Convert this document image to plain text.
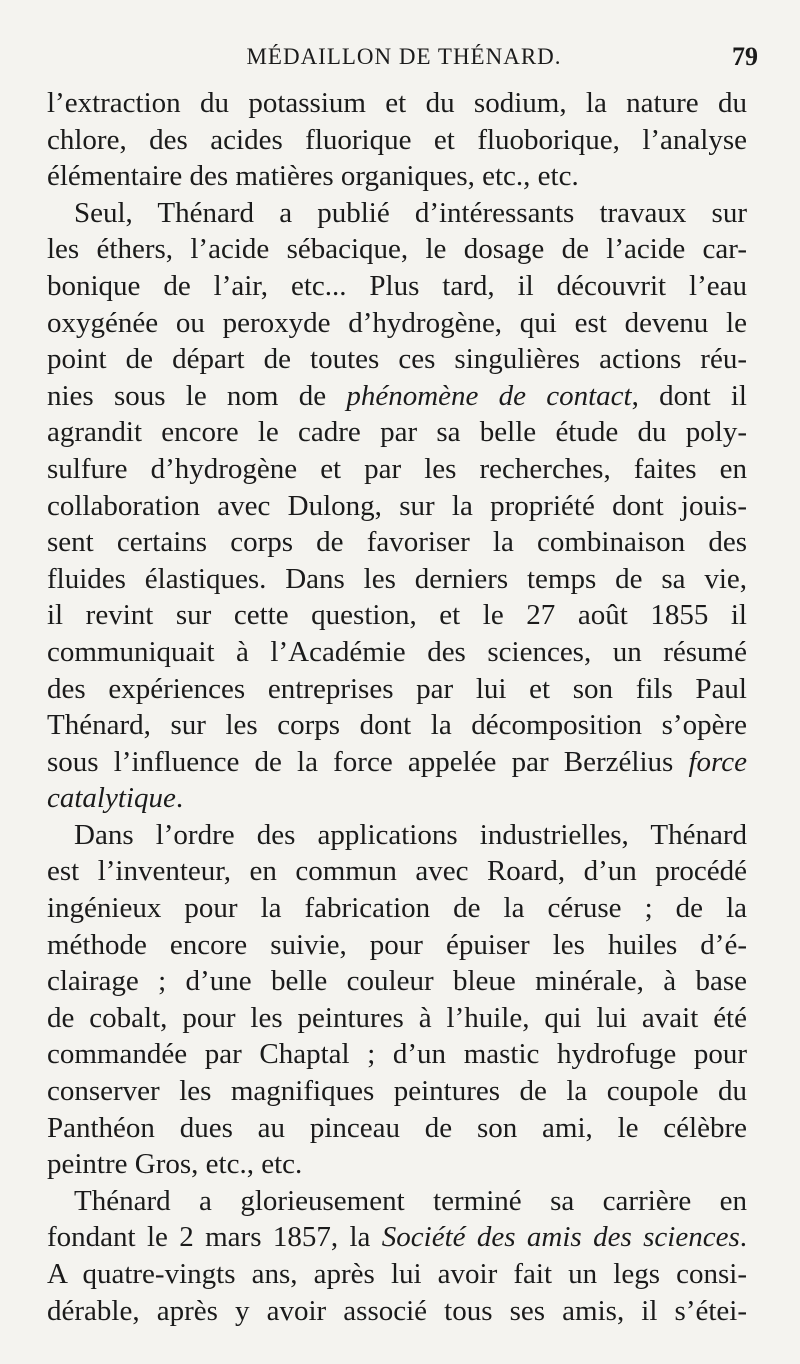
MÉDAILLON DE THÉNARD.	79
l’extraction du potassium et du sodium, la nature du
chlore, des acides fluorique et fluoborique, l’analyse
élémentaire des matières organiques, etc., etc.
Seul, Thénard a publié d’intéressants travaux sur
les éthers, l’acide sébacique, le dosage de l’acide car-
bonique de l’air, etc... Plus tard, il découvrit l’eau
oxygénée ou peroxyde d’hydrogène, qui est devenu le
point de départ de toutes ces singulières actions réu-
nies sous le nom de phénomène de contact, dont il
agrandit encore le cadre par sa belle étude du poly-
sulfure d’hydrogène et par les recherches, faites en
collaboration avec Dulong, sur la propriété dont jouis-
sent certains corps de favoriser la combinaison des
fluides élastiques. Dans les derniers temps de sa vie,
il revint sur cette question, et le 27 août 1855 il
communiquait à l’Académie des sciences, un résumé
des expériences entreprises par lui et son fils Paul
Thénard, sur les corps dont la décomposition s’opère
sous l’influence de la force appelée par Berzélius force
catalytique.
Dans l’ordre des applications industrielles, Thénard
est l’inventeur, en commun avec Roard, d’un procédé
ingénieux pour la fabrication de la céruse ; de la
méthode encore suivie, pour épuiser les huiles d’é-
clairage ; d’une belle couleur bleue minérale, à base
de cobalt, pour les peintures à l’huile, qui lui avait été
commandée par Chaptal ; d’un mastic hydrofuge pour
conserver les magnifiques peintures de la coupole du
Panthéon dues au pinceau de son ami, le célèbre
peintre Gros, etc., etc.
Thénard a glorieusement terminé sa carrière en
fondant le 2 mars 1857, la Société des amis des sciences.
A quatre-vingts ans, après lui avoir fait un legs consi-
dérable, après y avoir associé tous ses amis, il s’étei-
